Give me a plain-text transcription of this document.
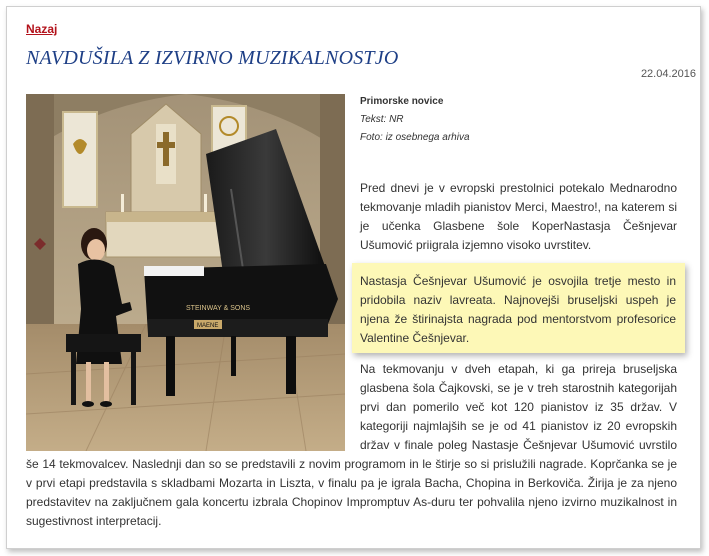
Nazaj
NAVDUŠILA Z IZVIRNO MUZIKALNOSTJO
22.04.2016
STEINWAY & SONS
MAENE
Primorske novice
Tekst: NR
Foto: iz osebnega arhiva

Pred dnevi je v evropski prestolnici potekalo Mednarodno tekmovanje mladih pianistov Merci, Maestro!, na katerem si je učenka Glasbene šole KoperNastasja Češnjevar Ušumović priigrala izjemno visoko uvrstitev.

Nastasja Češnjevar Ušumović je osvojila tretje mesto in pridobila naziv lavreata. Najnovejši bruseljski uspeh je njena že štirinajsta nagrada pod mentorstvom profesorice Valentine Češnjevar.

Na tekmovanju v dveh etapah, ki ga prireja bruseljska glasbena šola Čajkovski, se je v treh starostnih kategorijah prvi dan pomerilo več kot 120 pianistov iz 35 držav. V kategoriji najmlajših se je od 41 pianistov iz 20 evropskih držav v finale poleg Nastasje Češnjevar Ušumović uvrstilo še 14 tekmovalcev. Naslednji dan so se predstavili z novim programom in le štirje so si prislužili nagrade. Koprčanka se je v prvi etapi predstavila s skladbami Mozarta in Liszta, v finalu pa je igrala Bacha, Chopina in Berkoviča. Žirija je za njeno predstavitev na zaključnem gala koncertu izbrala Chopinov Impromptuv As-duru ter pohvalila njeno izvirno muzikalnost in sugestivnost interpretacij.
